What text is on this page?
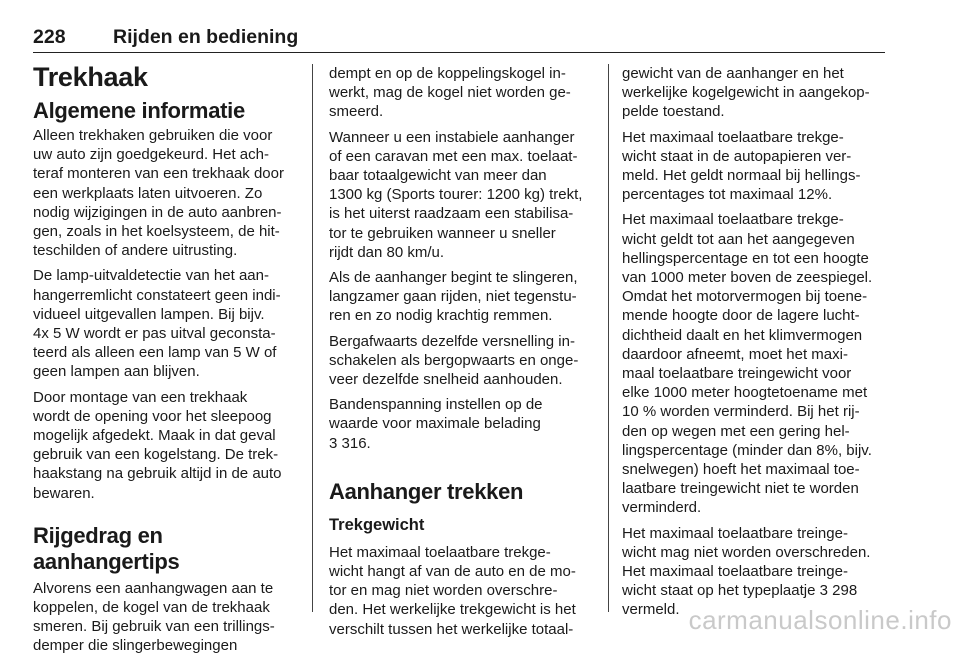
228 Rijden en bediening
Trekhaak
Algemene informatie
Alleen trekhaken gebruiken die voor
uw auto zijn goedgekeurd. Het ach-
teraf monteren van een trekhaak door
een werkplaats laten uitvoeren. Zo
nodig wijzigingen in de auto aanbren-
gen, zoals in het koelsysteem, de hit-
teschilden of andere uitrusting.
De lamp-uitvaldetectie van het aan-
hangerremlicht constateert geen indi-
vidueel uitgevallen lampen. Bij bijv.
4x 5 W wordt er pas uitval geconsta-
teerd als alleen een lamp van 5 W of
geen lampen aan blijven.
Door montage van een trekhaak
wordt de opening voor het sleepoog
mogelijk afgedekt. Maak in dat geval
gebruik van een kogelstang. De trek-
haakstang na gebruik altijd in de auto
bewaren.
Rijgedrag en aanhangertips
Alvorens een aanhangwagen aan te
koppelen, de kogel van de trekhaak
smeren. Bij gebruik van een trillings-
demper die slingerbewegingen
dempt en op de koppelingskogel in-
werkt, mag de kogel niet worden ge-
smeerd.
Wanneer u een instabiele aanhanger
of een caravan met een max. toelaat-
baar totaalgewicht van meer dan
1300 kg (Sports tourer: 1200 kg) trekt,
is het uiterst raadzaam een stabilisa-
tor te gebruiken wanneer u sneller
rijdt dan 80 km/u.
Als de aanhanger begint te slingeren,
langzamer gaan rijden, niet tegenstu-
ren en zo nodig krachtig remmen.
Bergafwaarts dezelfde versnelling in-
schakelen als bergopwaarts en onge-
veer dezelfde snelheid aanhouden.
Bandenspanning instellen op de
waarde voor maximale belading
3 316.
Aanhanger trekken
Trekgewicht
Het maximaal toelaatbare trekge-
wicht hangt af van de auto en de mo-
tor en mag niet worden overschre-
den. Het werkelijke trekgewicht is het
verschilt tussen het werkelijke totaal-
gewicht van de aanhanger en het
werkelijke kogelgewicht in aangekop-
pelde toestand.
Het maximaal toelaatbare trekge-
wicht staat in de autopapieren ver-
meld. Het geldt normaal bij hellings-
percentages tot maximaal 12%.
Het maximaal toelaatbare trekge-
wicht geldt tot aan het aangegeven
hellingspercentage en tot een hoogte
van 1000 meter boven de zeespiegel.
Omdat het motorvermogen bij toene-
mende hoogte door de lagere lucht-
dichtheid daalt en het klimvermogen
daardoor afneemt, moet het maxi-
maal toelaatbare treingewicht voor
elke 1000 meter hoogtetoename met
10 % worden verminderd. Bij het rij-
den op wegen met een gering hel-
lingspercentage (minder dan 8%, bijv.
snelwegen) hoeft het maximaal toe-
laatbare treingewicht niet te worden
verminderd.
Het maximaal toelaatbare treinge-
wicht mag niet worden overschreden.
Het maximaal toelaatbare treinge-
wicht staat op het typeplaatje 3 298
vermeld. carmanualsonline.info
